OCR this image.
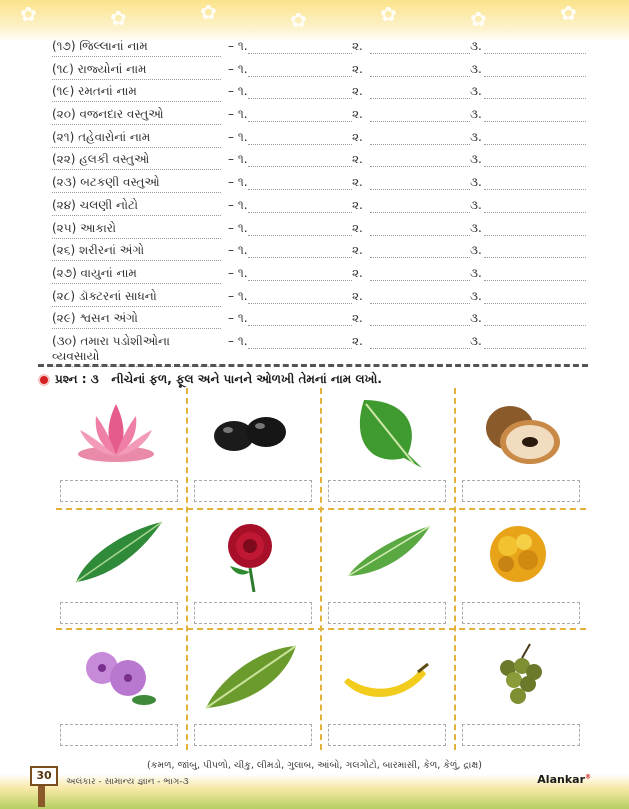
✿	✿	✿	✿	✿	✿	✿
(૧૭) જિલ્લાનાં નામ	– ૧.	૨.	૩.
(૧૮) રાજ્યોનાં નામ	– ૧.	૨.	૩.
(૧૯) રમતનાં નામ	– ૧.	૨.	૩.
(૨૦) વજનદાર વસ્તુઓ	– ૧.	૨.	૩.
(૨૧) તહેવારોનાં નામ	– ૧.	૨.	૩.
(૨૨) હલકી વસ્તુઓ	– ૧.	૨.	૩.
(૨૩) બટકણી વસ્તુઓ	– ૧.	૨.	૩.
(૨૪) ચલણી નોટો	– ૧.	૨.	૩.
(૨૫) આકારો	– ૧.	૨.	૩.
(૨૬) શરીરનાં અંગો	– ૧.	૨.	૩.
(૨૭) વાયુનાં નામ	– ૧.	૨.	૩.
(૨૮) ડૉક્ટરનાં સાધનો	– ૧.	૨.	૩.
(૨૯) શ્વસન અંગો	– ૧.	૨.	૩.
(૩૦) તમારા પડોશીઓના વ્યવસાયો
– ૧.	૨.	૩.
પ્રશ્ન : ૩ નીચેનાં ફળ, ફૂલ અને પાનને ઓળખી તેમનાં નામ લખો.
(કમળ, જાંબુ, પીપળો, ચીકુ, લીમડો, ગુલાબ, આંબો, ગલગોટો, બારમાસી, કેળ, કેળું, દ્રાક્ષ)
30	અલંકાર - સામાન્ય જ્ઞાન - ભાગ-૩	Alankar®
